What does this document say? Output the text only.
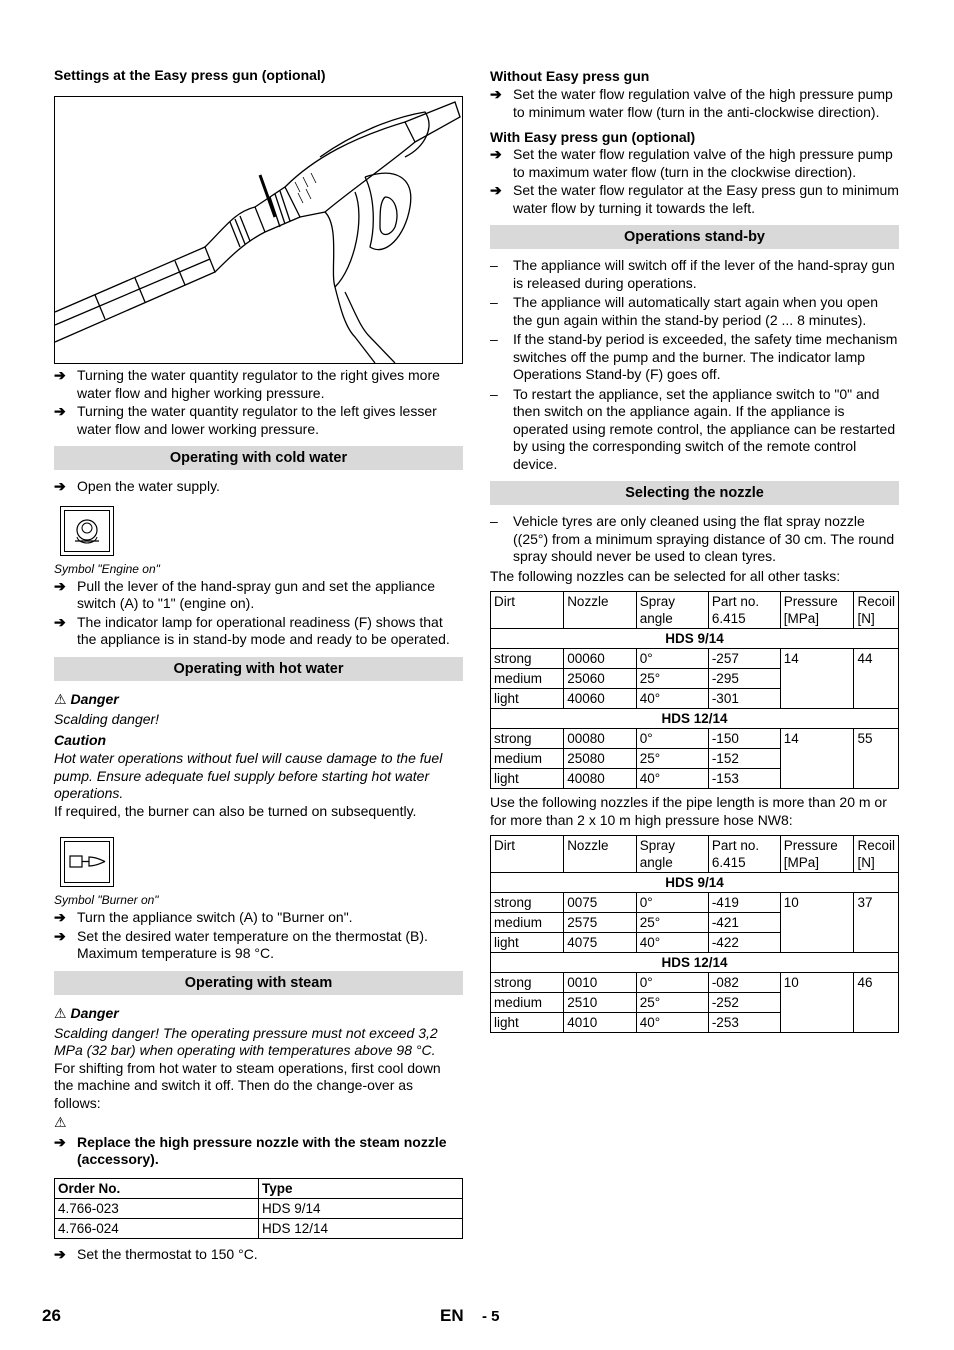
Settings at the Easy press gun (optional)

➔ Turning the water quantity regulator to the right gives more water flow and higher working pressure.
➔ Turning the water quantity regulator to the left gives lesser water flow and lower working pressure.
Operating with cold water
➔ Open the water supply.

Symbol "Engine on"

➔ Pull the lever of the hand-spray gun and set the appliance switch (A) to "1" (engine on).
➔ The indicator lamp for operational readiness (F) shows that the appliance is in stand-by mode and ready to be operated.
Operating with hot water

⚠ Danger

Scalding danger!

Caution

Hot water operations without fuel will cause damage to the fuel pump. Ensure adequate fuel supply before starting hot water operations.

If required, the burner can also be turned on subsequently.

Symbol "Burner on"

➔ Turn the appliance switch (A) to "Burner on".
➔ Set the desired water temperature on the thermostat (B). Maximum temperature is 98 °C.
Operating with steam

⚠ Danger

Scalding danger! The operating pressure must not exceed 3,2 MPa (32 bar) when operating with temperatures above 98 °C.

For shifting from hot water to steam operations, first cool down the machine and switch it off. Then do the change-over as follows:

⚠

➔ Replace the high pressure nozzle with the steam nozzle (accessory).
Order No.	Type
4.766-023	HDS 9/14
4.766-024	HDS 12/14
➔ Set the thermostat to 150 °C.

Without Easy press gun

➔ Set the water flow regulation valve of the high pressure pump to minimum water flow (turn in the anti-clockwise direction).

With Easy press gun (optional)

➔ Set the water flow regulation valve of the high pressure pump to maximum water flow (turn in the clockwise direction).
➔ Set the water flow regulator at the Easy press gun to minimum water flow by turning it towards the left.
Operations stand-by
– The appliance will switch off if the lever of the hand-spray gun is released during operations.
– The appliance will automatically start again when you open the gun again within the stand-by period (2 ... 8 minutes).
– If the stand-by period is exceeded, the safety time mechanism switches off the pump and the burner. The indicator lamp Operations Stand-by (F) goes off.
– To restart the appliance, set the appliance switch to "0" and then switch on the appliance again. If the appliance is operated using remote control, the appliance can be restarted by using the corresponding switch of the remote control device.
Selecting the nozzle
– Vehicle tyres are only cleaned using the flat spray nozzle ((25°) from a minimum spraying distance of 30 cm. The round spray should never be used to clean tyres.

The following nozzles can be selected for all other tasks:

Dirt	Nozzle	Spray angle	Part no. 6.415	Pressure [MPa]	Recoil [N]
HDS 9/14					
strong	00060	0°	-257	14	44
medium	25060	25°	-295		
light	40060	40°	-301		
HDS 12/14					
strong	00080	0°	-150	14	55
medium	25080	25°	-152		
light	40080	40°	-153		

Use the following nozzles if the pipe length is more than 20 m or for more than 2 x 10 m high pressure hose NW8:

Dirt	Nozzle	Spray angle	Part no. 6.415	Pressure [MPa]	Recoil [N]
HDS 9/14					
strong	0075	0°	-419	10	37
medium	2575	25°	-421		
light	4075	40°	-422		
HDS 12/14					
strong	0010	0°	-082	10	46
medium	2510	25°	-252		
light	4010	40°	-253		
26	EN - 5
